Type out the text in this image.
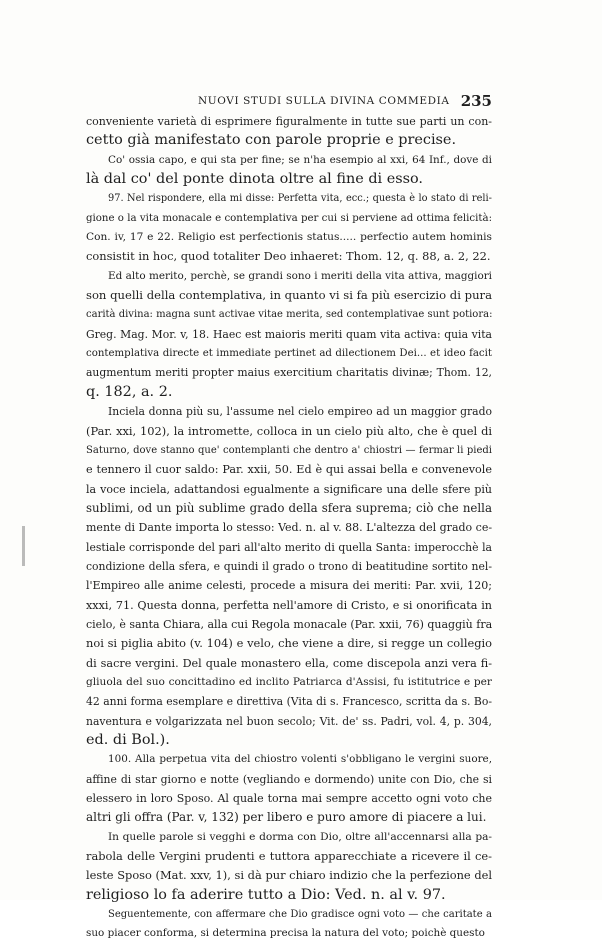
NUOVI STUDI SULLA DIVINA COMMEDIA 235
conveniente varietà di esprimere figuralmente in tutte sue parti un con-
cetto già manifestato con parole proprie e precise.
Co' ossia capo, e qui sta per fine; se n'ha esempio al xxi, 64 Inf., dove di
là dal co' del ponte dinota oltre al fine di esso.
97. Nel rispondere, ella mi disse: Perfetta vita, ecc.; questa è lo stato di reli-
gione o la vita monacale e contemplativa per cui si perviene ad ottima felicità:
Con. iv, 17 e 22. Religio est perfectionis status..... perfectio autem hominis
consistit in hoc, quod totaliter Deo inhaeret: Thom. 12, q. 88, a. 2, 22.
Ed alto merito, perchè, se grandi sono i meriti della vita attiva, maggiori
son quelli della contemplativa, in quanto vi si fa più esercizio di pura
carità divina: magna sunt activae vitae merita, sed contemplativae sunt potiora:
Greg. Mag. Mor. v, 18. Haec est maioris meriti quam vita activa: quia vita
contemplativa directe et immediate pertinet ad dilectionem Dei... et ideo facit
augmentum meriti propter maius exercitium charitatis divinæ; Thom. 12,
q. 182, a. 2.
Inciela donna più su, l'assume nel cielo empireo ad un maggior grado
(Par. xxi, 102), la intromette, colloca in un cielo più alto, che è quel di
Saturno, dove stanno que' contemplanti che dentro a' chiostri — fermar li piedi
e tennero il cuor saldo: Par. xxii, 50. Ed è qui assai bella e convenevole
la voce inciela, adattandosi egualmente a significare una delle sfere più
sublimi, od un più sublime grado della sfera suprema; ciò che nella
mente di Dante importa lo stesso: Ved. n. al v. 88. L'altezza del grado ce-
lestiale corrisponde del pari all'alto merito di quella Santa: imperocchè la
condizione della sfera, e quindi il grado o trono di beatitudine sortito nel-
l'Empireo alle anime celesti, procede a misura dei meriti: Par. xvii, 120;
xxxi, 71. Questa donna, perfetta nell'amore di Cristo, e si onorificata in
cielo, è santa Chiara, alla cui Regola monacale (Par. xxii, 76) quaggiù fra
noi si piglia abito (v. 104) e velo, che viene a dire, si regge un collegio
di sacre vergini. Del quale monastero ella, come discepola anzi vera fi-
gliuola del suo concittadino ed inclito Patriarca d'Assisi, fu istitutrice e per
42 anni forma esemplare e direttiva (Vita di s. Francesco, scritta da s. Bo-
naventura e volgarizzata nel buon secolo; Vit. de' ss. Padri, vol. 4, p. 304,
ed. di Bol.).
100. Alla perpetua vita del chiostro volenti s'obbligano le vergini suore,
affine di star giorno e notte (vegliando e dormendo) unite con Dio, che si
elessero in loro Sposo. Al quale torna mai sempre accetto ogni voto che
altri gli offra (Par. v, 132) per libero e puro amore di piacere a lui.
In quelle parole si vegghi e dorma con Dio, oltre all'accennarsi alla pa-
rabola delle Vergini prudenti e tuttora apparecchiate a ricevere il ce-
leste Sposo (Mat. xxv, 1), si dà pur chiaro indizio che la perfezione del
religioso lo fa aderire tutto a Dio: Ved. n. al v. 97.
Seguentemente, con affermare che Dio gradisce ogni voto — che caritate a
suo piacer conforma, si determina precisa la natura del voto; poichè questo
